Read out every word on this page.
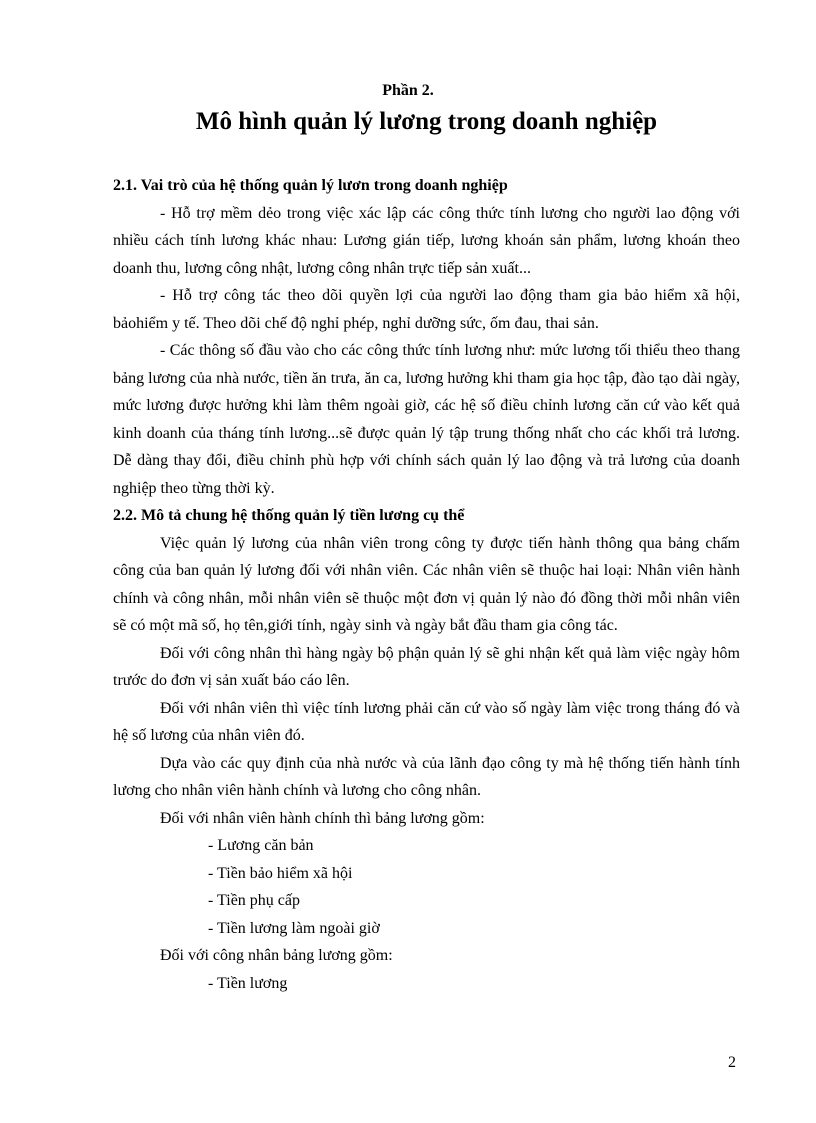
Phần 2.
Mô hình quản lý lương trong doanh nghiệp

2.1. Vai trò của hệ thống quản lý lươn trong doanh nghiệp

- Hỗ trợ mềm dẻo trong việc xác lập các công thức tính lương cho người lao động với nhiều cách tính lương khác nhau: Lương gián tiếp, lương khoán sản phẩm, lương khoán theo doanh thu, lương công nhật, lương công nhân trực tiếp sản xuất...

- Hỗ trợ công tác theo dõi quyền lợi của người lao động tham gia bảo hiểm xã hội, bảohiểm y tế. Theo dõi chế độ nghỉ phép, nghỉ dưỡng sức, ốm đau, thai sản.

- Các thông số đầu vào cho các công thức tính lương như: mức lương tối thiểu theo thang bảng lương của nhà nước, tiền ăn trưa, ăn ca, lương hưởng khi tham gia học tập, đào tạo dài ngày, mức lương được hưởng khi làm thêm ngoài giờ, các hệ số điều chỉnh lương căn cứ vào kết quả kinh doanh của tháng tính lương...sẽ được quản lý tập trung thống nhất cho các khối trả lương. Dễ dàng thay đổi, điều chỉnh phù hợp với chính sách quản lý lao động và trả lương của doanh nghiệp theo từng thời kỳ.

2.2. Mô tả chung hệ thống quản lý tiền lương cụ thể

Việc quản lý lương của nhân viên trong công ty được tiến hành thông qua bảng chấm công của ban quản lý lương đối với nhân viên. Các nhân viên sẽ thuộc hai loại: Nhân viên hành chính và công nhân, mỗi nhân viên sẽ thuộc một đơn vị quản lý nào đó đồng thời mỗi nhân viên sẽ có một mã số, họ tên,giới tính, ngày sinh và ngày bắt đầu tham gia công tác.

Đối với công nhân thì hàng ngày bộ phận quản lý sẽ ghi nhận kết quả làm việc ngày hôm trước do đơn vị sản xuất báo cáo lên.

Đối với nhân viên thì việc tính lương phải căn cứ vào số ngày làm việc trong tháng đó và hệ số lương của nhân viên đó.

Dựa vào các quy định của nhà nước và của lãnh đạo công ty mà hệ thống tiến hành tính lương cho nhân viên hành chính và lương cho công nhân.

Đối với nhân viên hành chính thì bảng lương gồm:

- Lương căn bản
- Tiền bảo hiểm xã hội
- Tiền phụ cấp
- Tiền lương làm ngoài giờ

Đối với công nhân bảng lương gồm:

- Tiền lương
2
